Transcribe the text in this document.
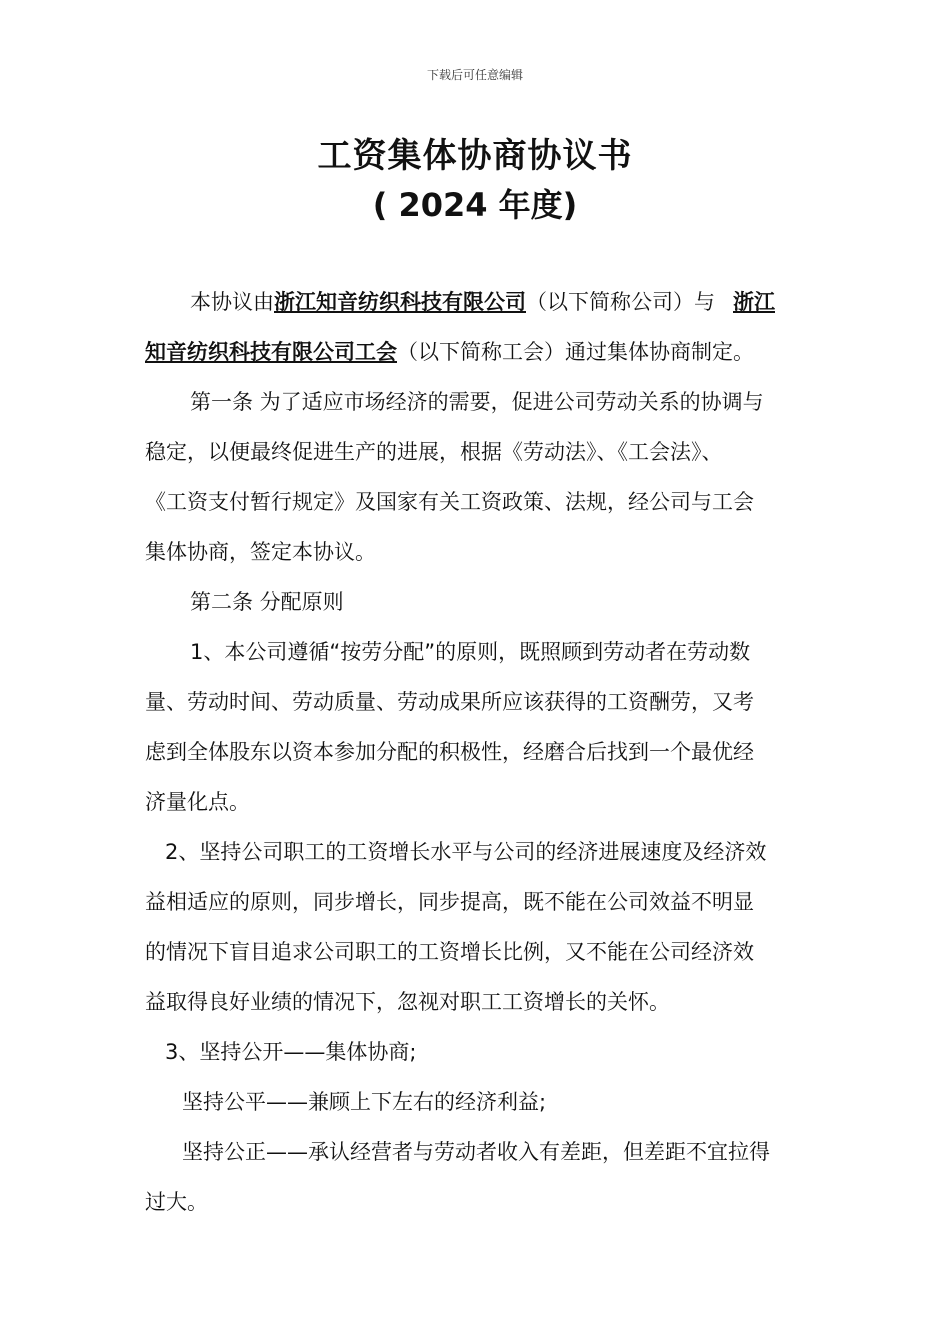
下载后可任意编辑
工资集体协商协议书
( 2024 年度)
本协议由浙江知音纺织科技有限公司（以下简称公司）与 浙江
知音纺织科技有限公司工会（以下简称工会）通过集体协商制定。
第一条 为了适应市场经济的需要，促进公司劳动关系的协调与
稳定，以便最终促进生产的进展，根据《劳动法》、《工会法》、
《工资支付暂行规定》及国家有关工资政策、法规，经公司与工会
集体协商，签定本协议。
第二条 分配原则
1、本公司遵循“按劳分配”的原则，既照顾到劳动者在劳动数
量、劳动时间、劳动质量、劳动成果所应该获得的工资酬劳，又考
虑到全体股东以资本参加分配的积极性，经磨合后找到一个最优经
济量化点。
2、坚持公司职工的工资增长水平与公司的经济进展速度及经济效
益相适应的原则，同步增长，同步提高，既不能在公司效益不明显
的情况下盲目追求公司职工的工资增长比例，又不能在公司经济效
益取得良好业绩的情况下，忽视对职工工资增长的关怀。
3、坚持公开——集体协商;
坚持公平——兼顾上下左右的经济利益;
坚持公正——承认经营者与劳动者收入有差距，但差距不宜拉得
过大。
